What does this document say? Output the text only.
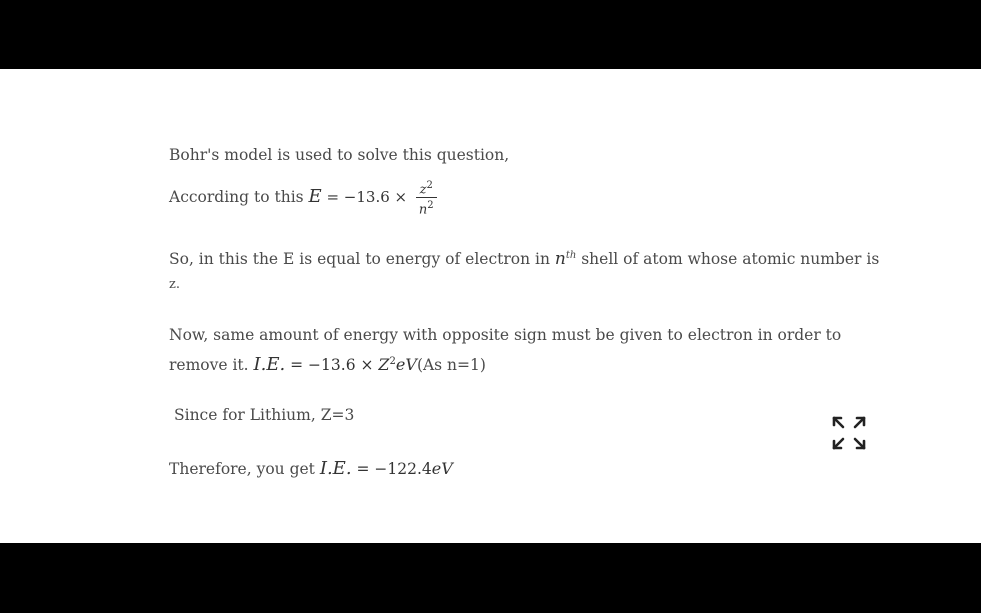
Bohr's model is used to solve this question,
According to this $E = -13.6 \times \frac{z^2}{n^2}$
So, in this the E is equal to energy of electron in $n^{th}$ shell of atom whose atomic number is
z.
Now, same amount of energy with opposite sign must be given to electron in order to
remove it. I.E. = $-13.6 \times Z^2eV(As$ n=1)
Since for Lithium, Z=3
Therefore, you get I.E. = −122.4eV
